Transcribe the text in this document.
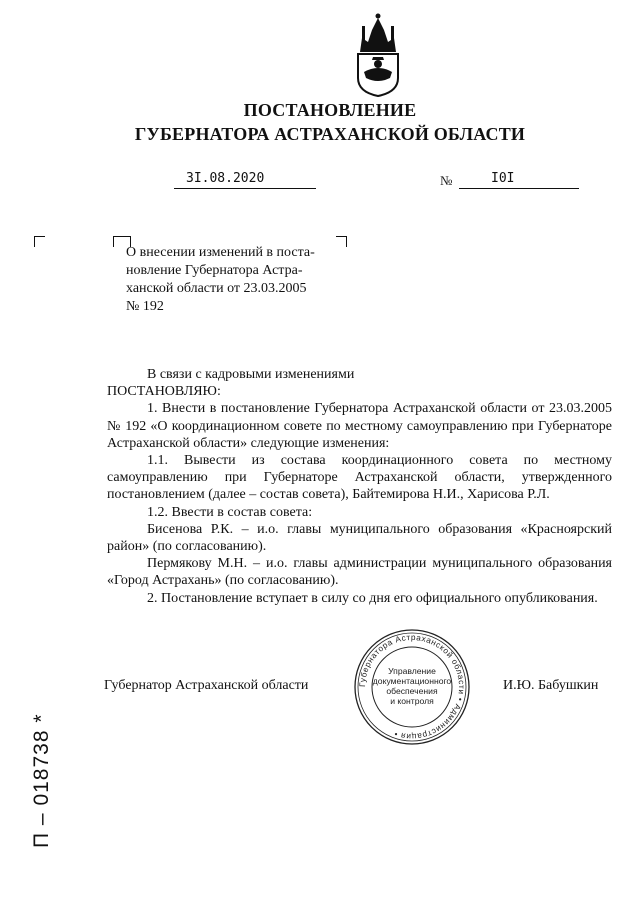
ПОСТАНОВЛЕНИЕ
ГУБЕРНАТОРА АСТРАХАНСКОЙ ОБЛАСТИ
3I.08.2020	№	I0I
О внесении изменений в поста-
новление Губернатора Астра-
ханской области от 23.03.2005
№ 192

В связи с кадровыми изменениями

ПОСТАНОВЛЯЮ:

1. Внести в постановление Губернатора Астраханской области от 23.03.2005 № 192 «О координационном совете по местному самоуправлению при Губернаторе Астраханской области» следующие изменения:

1.1. Вывести из состава координационного совета по местному самоуправлению при Губернаторе Астраханской области, утвержденного постановлением (далее – состав совета), Байтемирова Н.И., Харисова Р.Л.

1.2. Ввести в состав совета:

Бисенова Р.К. – и.о. главы муниципального образования «Красноярский район» (по согласованию).

Пермякову М.Н. – и.о. главы администрации муниципального образования «Город Астрахань» (по согласованию).

2. Постановление вступает в силу со дня его официального опубликования.

Губернатор Астраханской области	И.Ю. Бабушкин
Губернатора Астраханской области • Администрация •
Управление
документационного
обеспечения
и контроля
П – 018738 *
